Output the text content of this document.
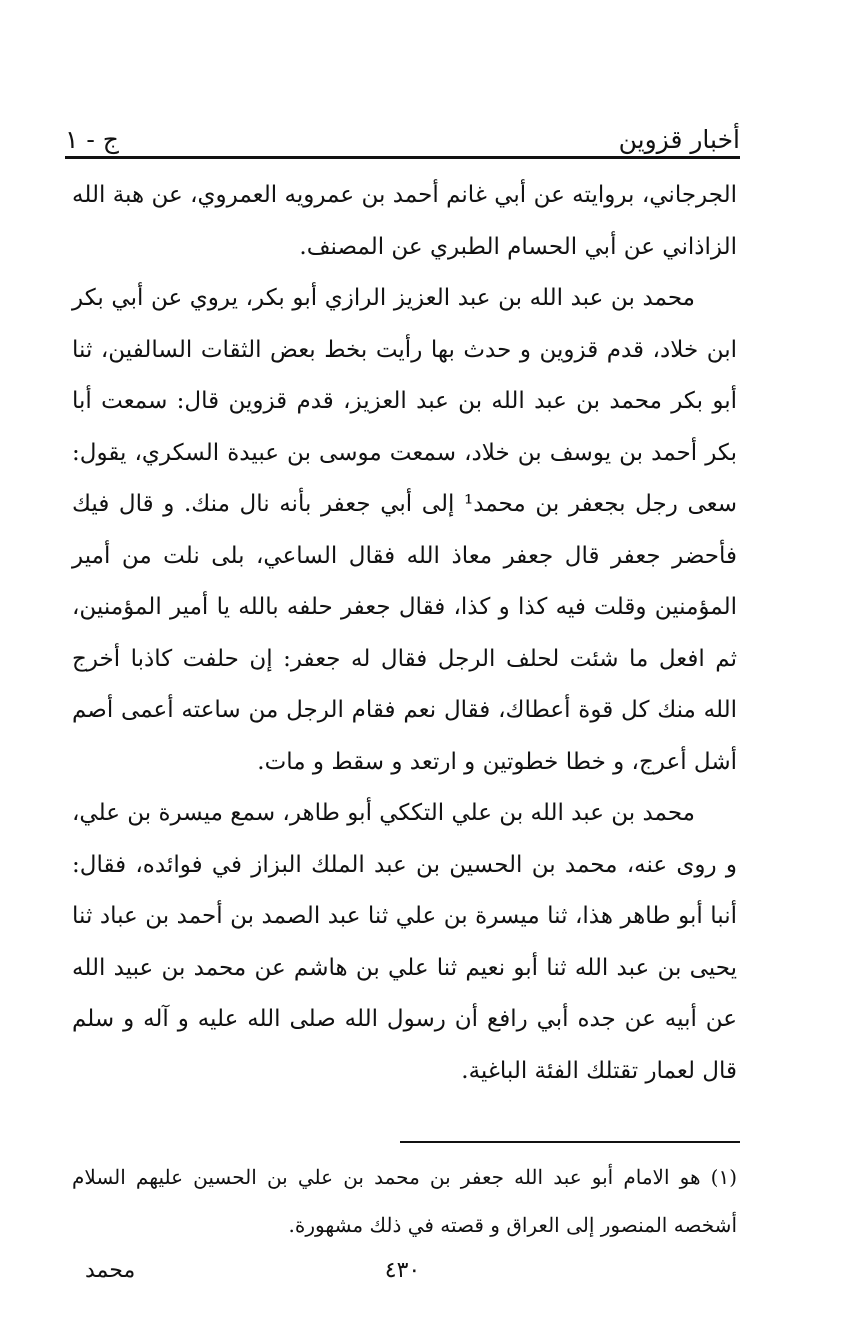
أخبار قزوين
ج - ١

الجرجاني، بروايته عن أبي غانم أحمد بن عمرويه العمروي، عن هبة الله الزاذاني عن أبي الحسام الطبري عن المصنف.

محمد بن عبد الله بن عبد العزيز الرازي أبو بكر، يروي عن أبي بكر ابن خلاد، قدم قزوين و حدث بها رأيت بخط بعض الثقات السالفين، ثنا أبو بكر محمد بن عبد الله بن عبد العزيز، قدم قزوين قال: سمعت أبا بكر أحمد بن يوسف بن خلاد، سمعت موسى بن عبيدة السكري، يقول: سعى رجل بجعفر بن محمد¹ إلى أبي جعفر بأنه نال منك. و قال فيك فأحضر جعفر قال جعفر معاذ الله فقال الساعي، بلى نلت من أمير المؤمنين وقلت فيه كذا و كذا، فقال جعفر حلفه بالله يا أمير المؤمنين، ثم افعل ما شئت لحلف الرجل فقال له جعفر: إن حلفت كاذبا أخرج الله منك كل قوة أعطاك، فقال نعم فقام الرجل من ساعته أعمى أصم أشل أعرج، و خطا خطوتين و ارتعد و سقط و مات.

محمد بن عبد الله بن علي التككي أبو طاهر، سمع ميسرة بن علي، و روى عنه، محمد بن الحسين بن عبد الملك البزاز في فوائده، فقال: أنبا أبو طاهر هذا، ثنا ميسرة بن علي ثنا عبد الصمد بن أحمد بن عباد ثنا يحيى بن عبد الله ثنا أبو نعيم ثنا علي بن هاشم عن محمد بن عبيد الله عن أبيه عن جده أبي رافع أن رسول الله صلى الله عليه و آله و سلم قال لعمار تقتلك الفئة الباغية.

(١) هو الامام أبو عبد الله جعفر بن محمد بن علي بن الحسين عليهم السلام أشخصه المنصور إلى العراق و قصته في ذلك مشهورة.

٤٣٠
محمد
